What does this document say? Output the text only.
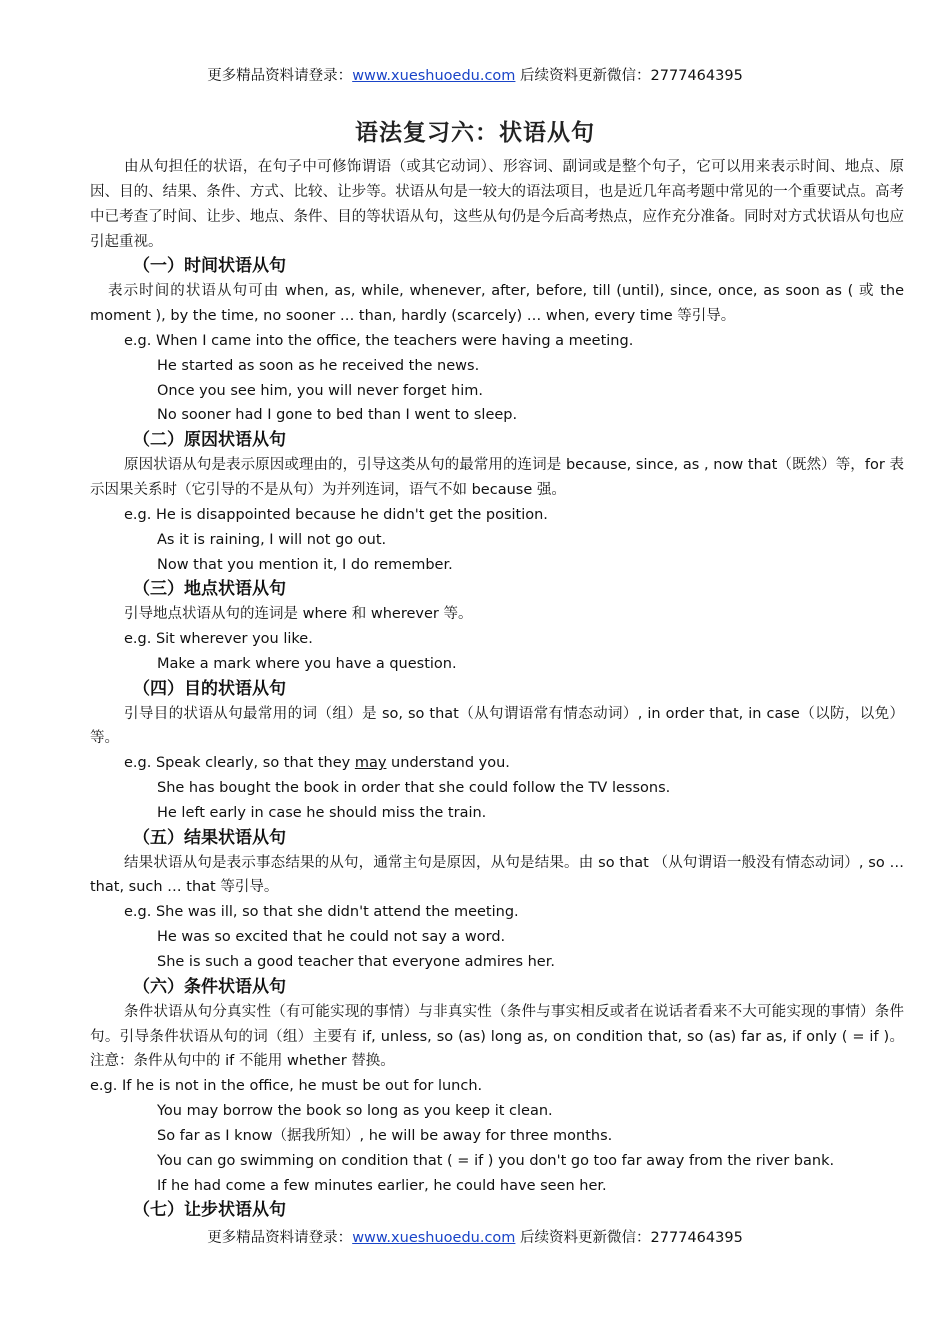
更多精品资料请登录：www.xueshuoedu.com 后续资料更新微信：2777464395
语法复习六：状语从句

由从句担任的状语，在句子中可修饰谓语（或其它动词）、形容词、副词或是整个句子，它可以用来表示时间、地点、原因、目的、结果、条件、方式、比较、让步等。状语从句是一较大的语法项目，也是近几年高考题中常见的一个重要试点。高考中已考查了时间、让步、地点、条件、目的等状语从句，这些从句仍是今后高考热点，应作充分准备。同时对方式状语从句也应引起重视。

（一）时间状语从句

表示时间的状语从句可由 when, as, while, whenever, after, before, till (until), since, once, as soon as ( 或 the moment ), by the time, no sooner … than, hardly (scarcely) … when, every time 等引导。

e.g. When I came into the office, the teachers were having a meeting.

He started as soon as he received the news.

Once you see him, you will never forget him.

No sooner had I gone to bed than I went to sleep.

（二）原因状语从句

原因状语从句是表示原因或理由的，引导这类从句的最常用的连词是 because, since, as , now that（既然）等，for 表示因果关系时（它引导的不是从句）为并列连词，语气不如 because 强。

e.g. He is disappointed because he didn't get the position.

As it is raining, I will not go out.

Now that you mention it, I do remember.

（三）地点状语从句

引导地点状语从句的连词是 where 和 wherever 等。

e.g. Sit wherever you like.

Make a mark where you have a question.

（四）目的状语从句

引导目的状语从句最常用的词（组）是 so, so that（从句谓语常有情态动词）, in order that, in case（以防，以免）等。

e.g. Speak clearly, so that they may understand you.

She has bought the book in order that she could follow the TV lessons.

He left early in case he should miss the train.

（五）结果状语从句

结果状语从句是表示事态结果的从句，通常主句是原因，从句是结果。由 so that （从句谓语一般没有情态动词）, so … that, such … that 等引导。

e.g. She was ill, so that she didn't attend the meeting.

He was so excited that he could not say a word.

She is such a good teacher that everyone admires her.

（六）条件状语从句

条件状语从句分真实性（有可能实现的事情）与非真实性（条件与事实相反或者在说话者看来不大可能实现的事情）条件句。引导条件状语从句的词（组）主要有 if, unless, so (as) long as, on condition that, so (as) far as, if only ( = if )。注意：条件从句中的 if 不能用 whether 替换。

e.g. If he is not in the office, he must be out for lunch.

You may borrow the book so long as you keep it clean.

So far as I know（据我所知）, he will be away for three months.

You can go swimming on condition that ( = if ) you don't go too far away from the river bank.

If he had come a few minutes earlier, he could have seen her.

（七）让步状语从句

更多精品资料请登录：www.xueshuoedu.com 后续资料更新微信：2777464395
